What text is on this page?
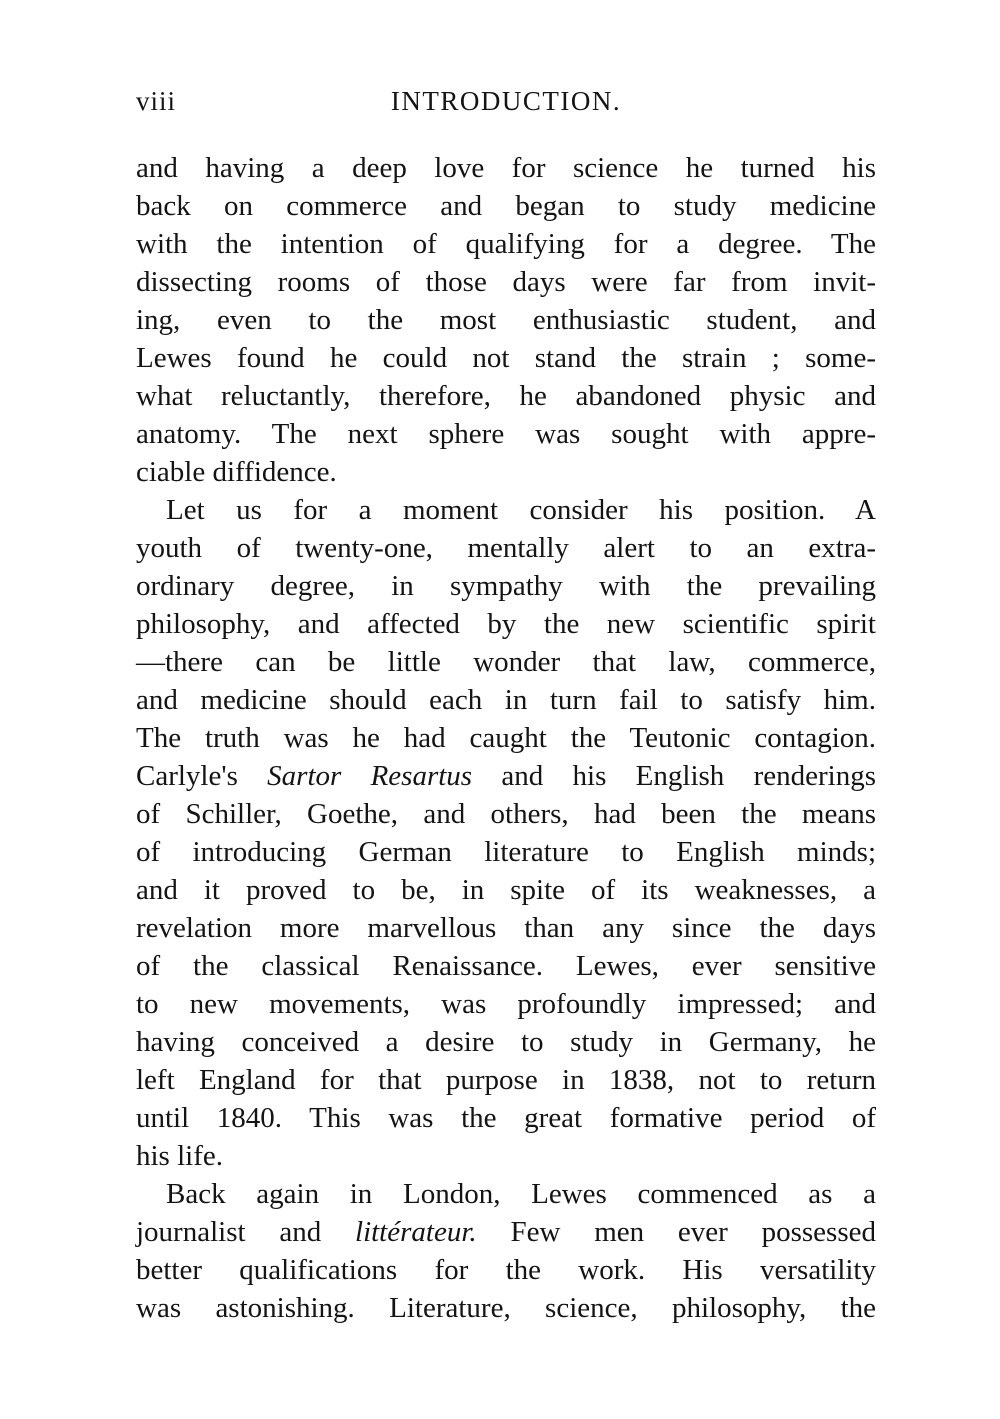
viii	INTRODUCTION.
and having a deep love for science he turned his
back on commerce and began to study medicine
with the intention of qualifying for a degree. The
dissecting rooms of those days were far from invit-
ing, even to the most enthusiastic student, and
Lewes found he could not stand the strain ; some-
what reluctantly, therefore, he abandoned physic and
anatomy. The next sphere was sought with appre-
ciable diffidence.
Let us for a moment consider his position. A
youth of twenty-one, mentally alert to an extra-
ordinary degree, in sympathy with the prevailing
philosophy, and affected by the new scientific spirit
—there can be little wonder that law, commerce,
and medicine should each in turn fail to satisfy him.
The truth was he had caught the Teutonic contagion.
Carlyle's Sartor Resartus and his English renderings
of Schiller, Goethe, and others, had been the means
of introducing German literature to English minds;
and it proved to be, in spite of its weaknesses, a
revelation more marvellous than any since the days
of the classical Renaissance. Lewes, ever sensitive
to new movements, was profoundly impressed; and
having conceived a desire to study in Germany, he
left England for that purpose in 1838, not to return
until 1840. This was the great formative period of
his life.
Back again in London, Lewes commenced as a
journalist and littérateur. Few men ever possessed
better qualifications for the work. His versatility
was astonishing. Literature, science, philosophy, the
